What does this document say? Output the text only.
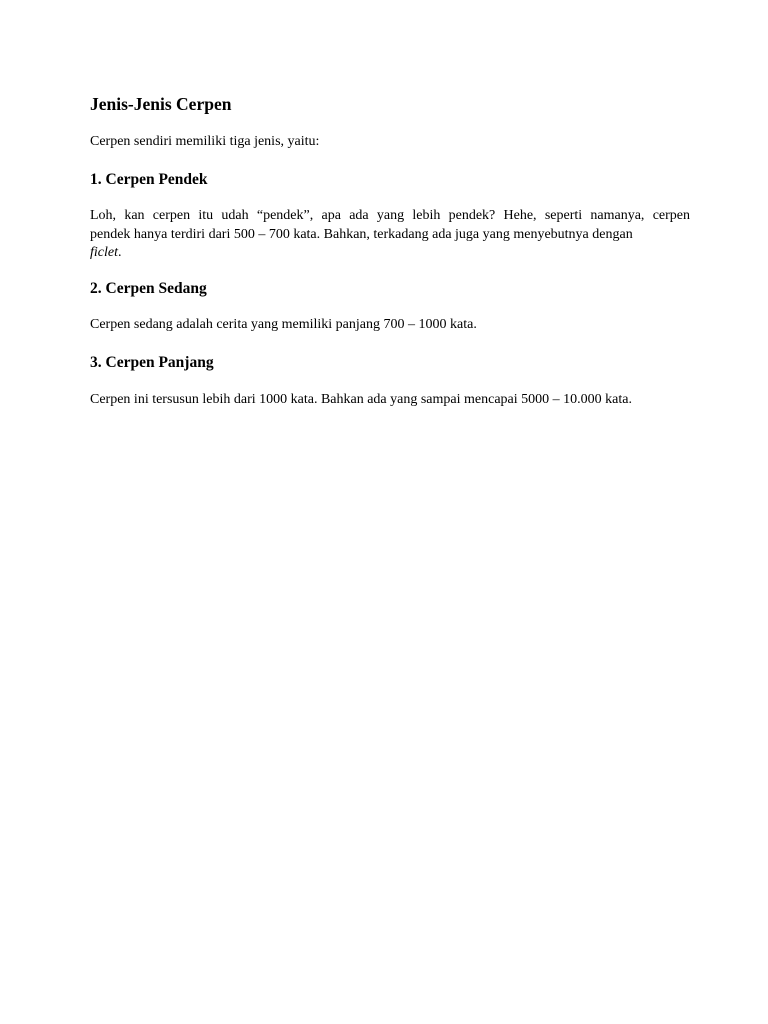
Jenis-Jenis Cerpen

Cerpen sendiri memiliki tiga jenis, yaitu:

1. Cerpen Pendek
Loh, kan cerpen itu udah “pendek”, apa ada yang lebih pendek? Hehe, seperti namanya, cerpen
pendek hanya terdiri dari 500 – 700 kata. Bahkan, terkadang ada juga yang menyebutnya dengan
ficlet.
2. Cerpen Sedang

Cerpen sedang adalah cerita yang memiliki panjang 700 – 1000 kata.

3. Cerpen Panjang

Cerpen ini tersusun lebih dari 1000 kata. Bahkan ada yang sampai mencapai 5000 – 10.000 kata.
